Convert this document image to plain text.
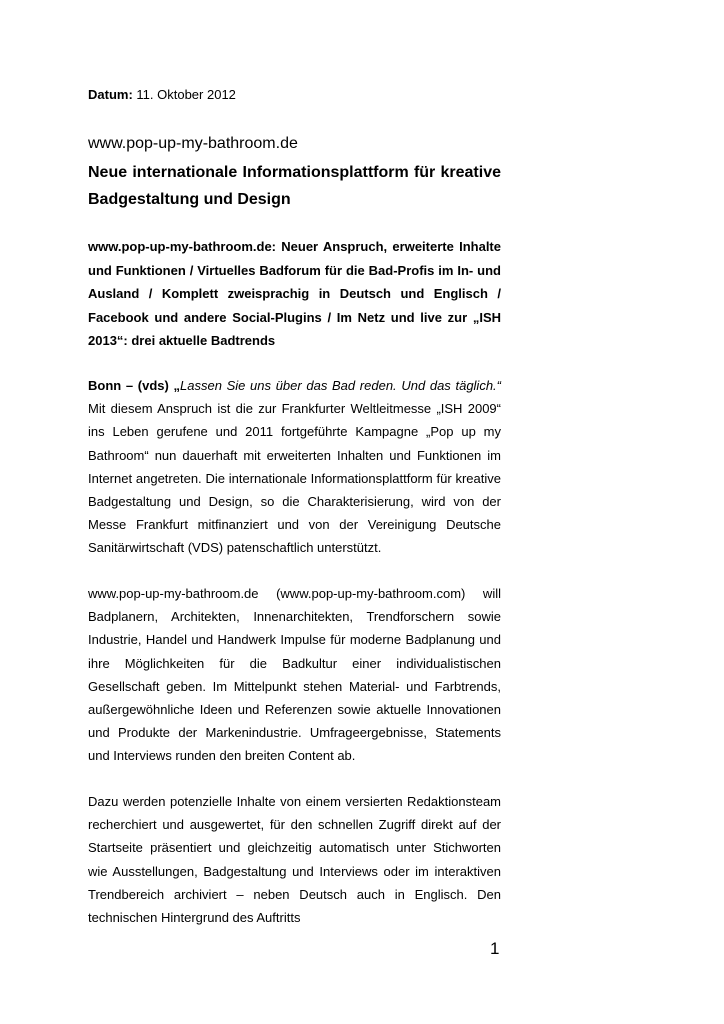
Datum: 11. Oktober 2012
www.pop-up-my-bathroom.de
Neue internationale Informationsplattform für kreative Badgestaltung und Design

www.pop-up-my-bathroom.de: Neuer Anspruch, erweiterte Inhalte und Funktionen / Virtuelles Badforum für die Bad-Profis im In- und Ausland / Komplett zweisprachig in Deutsch und Englisch / Facebook und andere Social-Plugins / Im Netz und live zur „ISH 2013“: drei aktuelle Badtrends

Bonn – (vds) „Lassen Sie uns über das Bad reden. Und das täglich.“ Mit diesem Anspruch ist die zur Frankfurter Weltleitmesse „ISH 2009“ ins Leben gerufene und 2011 fortgeführte Kampagne „Pop up my Bathroom“ nun dauerhaft mit erweiterten Inhalten und Funktionen im Internet angetreten. Die internationale Informationsplattform für kreative Badgestaltung und Design, so die Charakterisierung, wird von der Messe Frankfurt mitfinanziert und von der Vereinigung Deutsche Sanitärwirtschaft (VDS) patenschaftlich unterstützt.

www.pop-up-my-bathroom.de (www.pop-up-my-bathroom.com) will Badplanern, Architekten, Innenarchitekten, Trendforschern sowie Industrie, Handel und Handwerk Impulse für moderne Badplanung und ihre Möglichkeiten für die Badkultur einer individualistischen Gesellschaft geben. Im Mittelpunkt stehen Material- und Farbtrends, außergewöhnliche Ideen und Referenzen sowie aktuelle Innovationen und Produkte der Markenindustrie. Umfrageergebnisse, Statements und Interviews runden den breiten Content ab.

Dazu werden potenzielle Inhalte von einem versierten Redaktionsteam recherchiert und ausgewertet, für den schnellen Zugriff direkt auf der Startseite präsentiert und gleichzeitig automatisch unter Stichworten wie Ausstellungen, Badgestaltung und Interviews oder im interaktiven Trendbereich archiviert – neben Deutsch auch in Englisch. Den technischen Hintergrund des Auftritts

1
